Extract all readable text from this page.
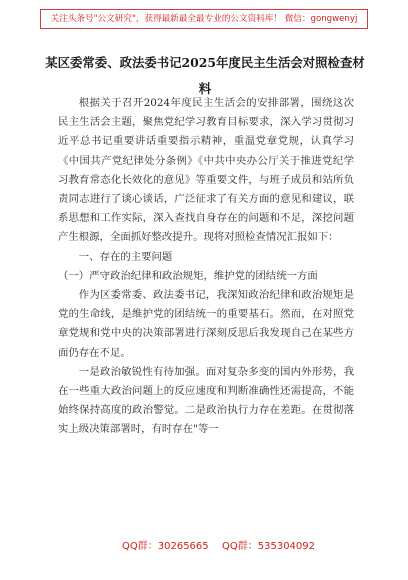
关注头条号"公文研究"，获得最新最全最专业的公文资料库！ 微信：gongwenyj
某区委常委、政法委书记2025年度民主生活会对照检查材料

根据关于召开2024年度民主生活会的安排部署，围绕这次民主生活会主题，聚焦党纪学习教育目标要求，深入学习贯彻习近平总书记重要讲话重要指示精神，重温党章党规，认真学习《中国共产党纪律处分条例》《中共中央办公厅关于推进党纪学习教育常态化长效化的意见》等重要文件，与班子成员和站所负责同志进行了谈心谈话，广泛征求了有关方面的意见和建议，联系思想和工作实际，深入查找自身存在的问题和不足，深挖问题产生根源，全面抓好整改提升。现将对照检查情况汇报如下：

一、存在的主要问题

（一）严守政治纪律和政治规矩，维护党的团结统一方面

作为区委常委、政法委书记，我深知政治纪律和政治规矩是党的生命线，是维护党的团结统一的重要基石。然而，在对照党章党规和党中央的决策部署进行深刻反思后我发现自己在某些方面仍存在不足。

一是政治敏锐性有待加强。面对复杂多变的国内外形势，我在一些重大政治问题上的反应速度和判断准确性还需提高，不能始终保持高度的政治警觉。二是政治执行力存在差距。在贯彻落实上级决策部署时，有时存在"等一

QQ群：30265665 QQ群：535304092
